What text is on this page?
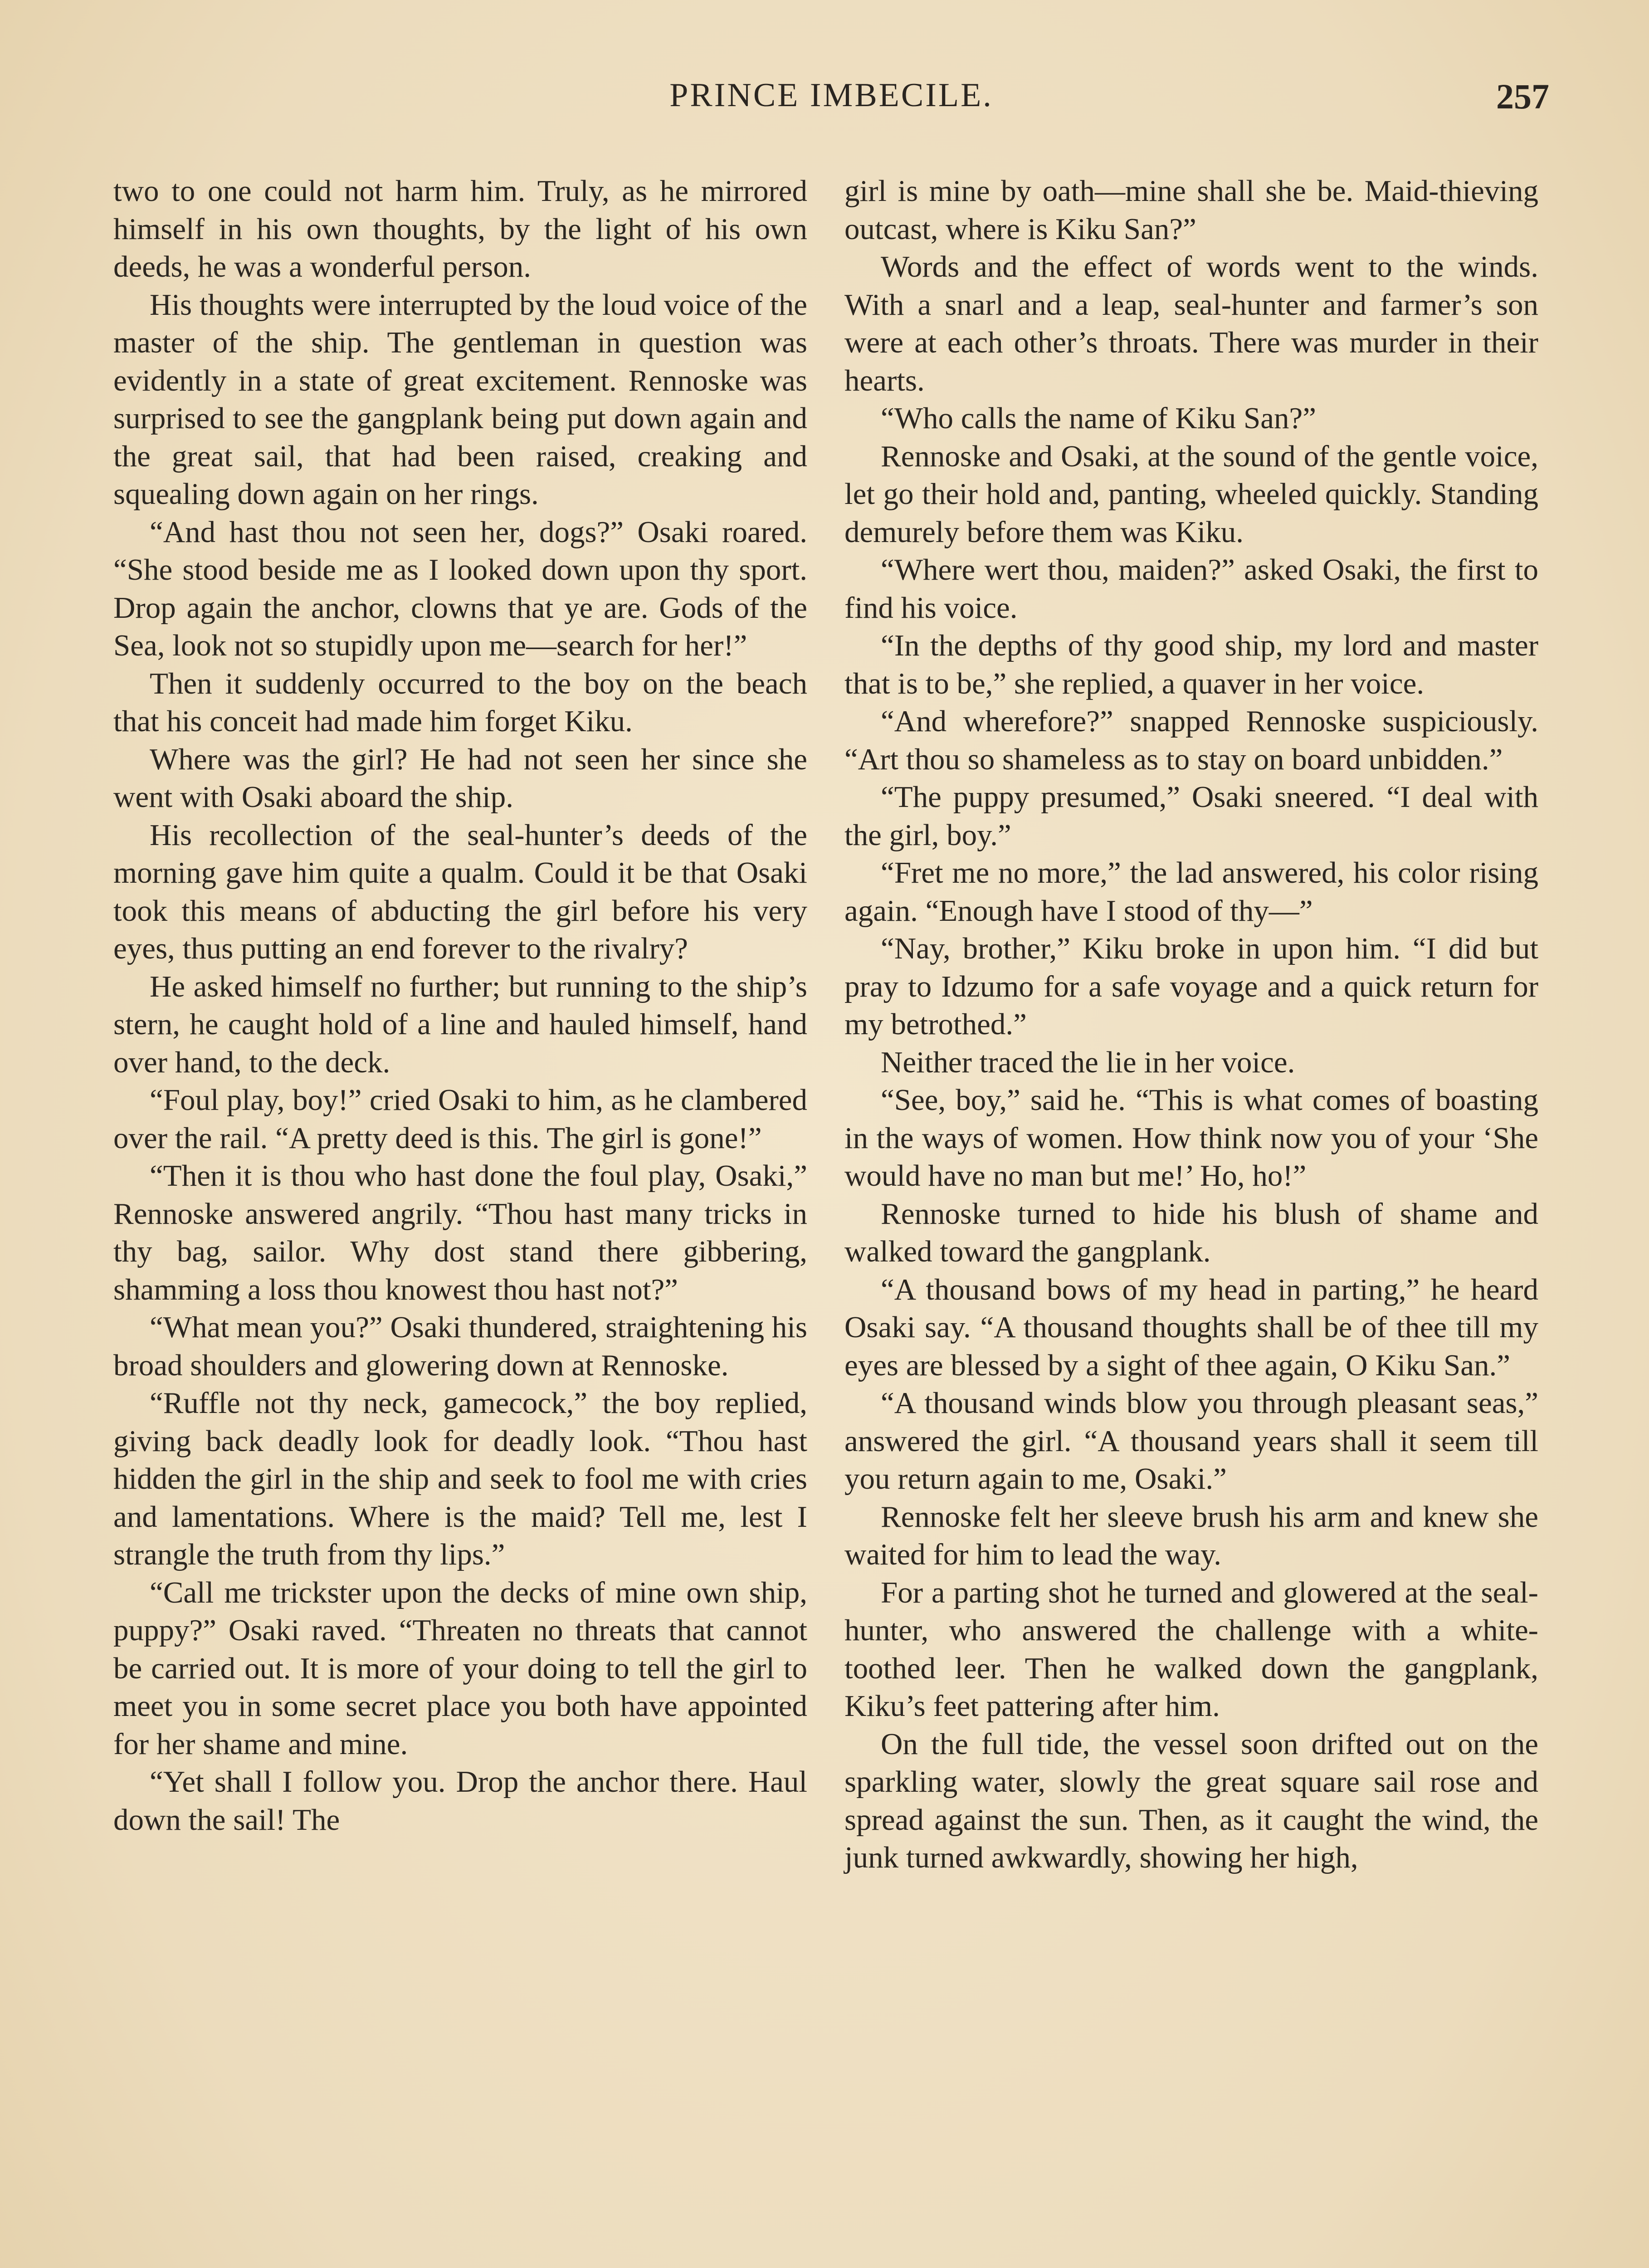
PRINCE IMBECILE.	257

two to one could not harm him. Truly, as he mirrored himself in his own thoughts, by the light of his own deeds, he was a wonderful person.

His thoughts were interrupted by the loud voice of the master of the ship. The gentleman in question was evidently in a state of great excitement. Rennoske was surprised to see the gangplank being put down again and the great sail, that had been raised, creaking and squealing down again on her rings.

“And hast thou not seen her, dogs?” Osaki roared. “She stood beside me as I looked down upon thy sport. Drop again the anchor, clowns that ye are. Gods of the Sea, look not so stupidly upon me—search for her!”

Then it suddenly occurred to the boy on the beach that his conceit had made him forget Kiku.

Where was the girl? He had not seen her since she went with Osaki aboard the ship.

His recollection of the seal-hunter’s deeds of the morning gave him quite a qualm. Could it be that Osaki took this means of abducting the girl before his very eyes, thus putting an end forever to the rivalry?

He asked himself no further; but running to the ship’s stern, he caught hold of a line and hauled himself, hand over hand, to the deck.

“Foul play, boy!” cried Osaki to him, as he clambered over the rail. “A pretty deed is this. The girl is gone!”

“Then it is thou who hast done the foul play, Osaki,” Rennoske answered angrily. “Thou hast many tricks in thy bag, sailor. Why dost stand there gibbering, shamming a loss thou knowest thou hast not?”

“What mean you?” Osaki thundered, straightening his broad shoulders and glowering down at Rennoske.

“Ruffle not thy neck, gamecock,” the boy replied, giving back deadly look for deadly look. “Thou hast hidden the girl in the ship and seek to fool me with cries and lamentations. Where is the maid? Tell me, lest I strangle the truth from thy lips.”

“Call me trickster upon the decks of mine own ship, puppy?” Osaki raved. “Threaten no threats that cannot be carried out. It is more of your doing to tell the girl to meet you in some secret place you both have appointed for her shame and mine.

“Yet shall I follow you. Drop the anchor there. Haul down the sail! The

girl is mine by oath—mine shall she be. Maid-thieving outcast, where is Kiku San?”

Words and the effect of words went to the winds. With a snarl and a leap, seal-hunter and farmer’s son were at each other’s throats. There was murder in their hearts.

“Who calls the name of Kiku San?”

Rennoske and Osaki, at the sound of the gentle voice, let go their hold and, panting, wheeled quickly. Standing demurely before them was Kiku.

“Where wert thou, maiden?” asked Osaki, the first to find his voice.

“In the depths of thy good ship, my lord and master that is to be,” she replied, a quaver in her voice.

“And wherefore?” snapped Rennoske suspiciously. “Art thou so shameless as to stay on board unbidden.”

“The puppy presumed,” Osaki sneered. “I deal with the girl, boy.”

“Fret me no more,” the lad answered, his color rising again. “Enough have I stood of thy—”

“Nay, brother,” Kiku broke in upon him. “I did but pray to Idzumo for a safe voyage and a quick return for my betrothed.”

Neither traced the lie in her voice.

“See, boy,” said he. “This is what comes of boasting in the ways of women. How think now you of your ‘She would have no man but me!’ Ho, ho!”

Rennoske turned to hide his blush of shame and walked toward the gangplank.

“A thousand bows of my head in parting,” he heard Osaki say. “A thousand thoughts shall be of thee till my eyes are blessed by a sight of thee again, O Kiku San.”

“A thousand winds blow you through pleasant seas,” answered the girl. “A thousand years shall it seem till you return again to me, Osaki.”

Rennoske felt her sleeve brush his arm and knew she waited for him to lead the way.

For a parting shot he turned and glowered at the seal-hunter, who answered the challenge with a white-toothed leer. Then he walked down the gangplank, Kiku’s feet pattering after him.

On the full tide, the vessel soon drifted out on the sparkling water, slowly the great square sail rose and spread against the sun. Then, as it caught the wind, the junk turned awkwardly, showing her high,
